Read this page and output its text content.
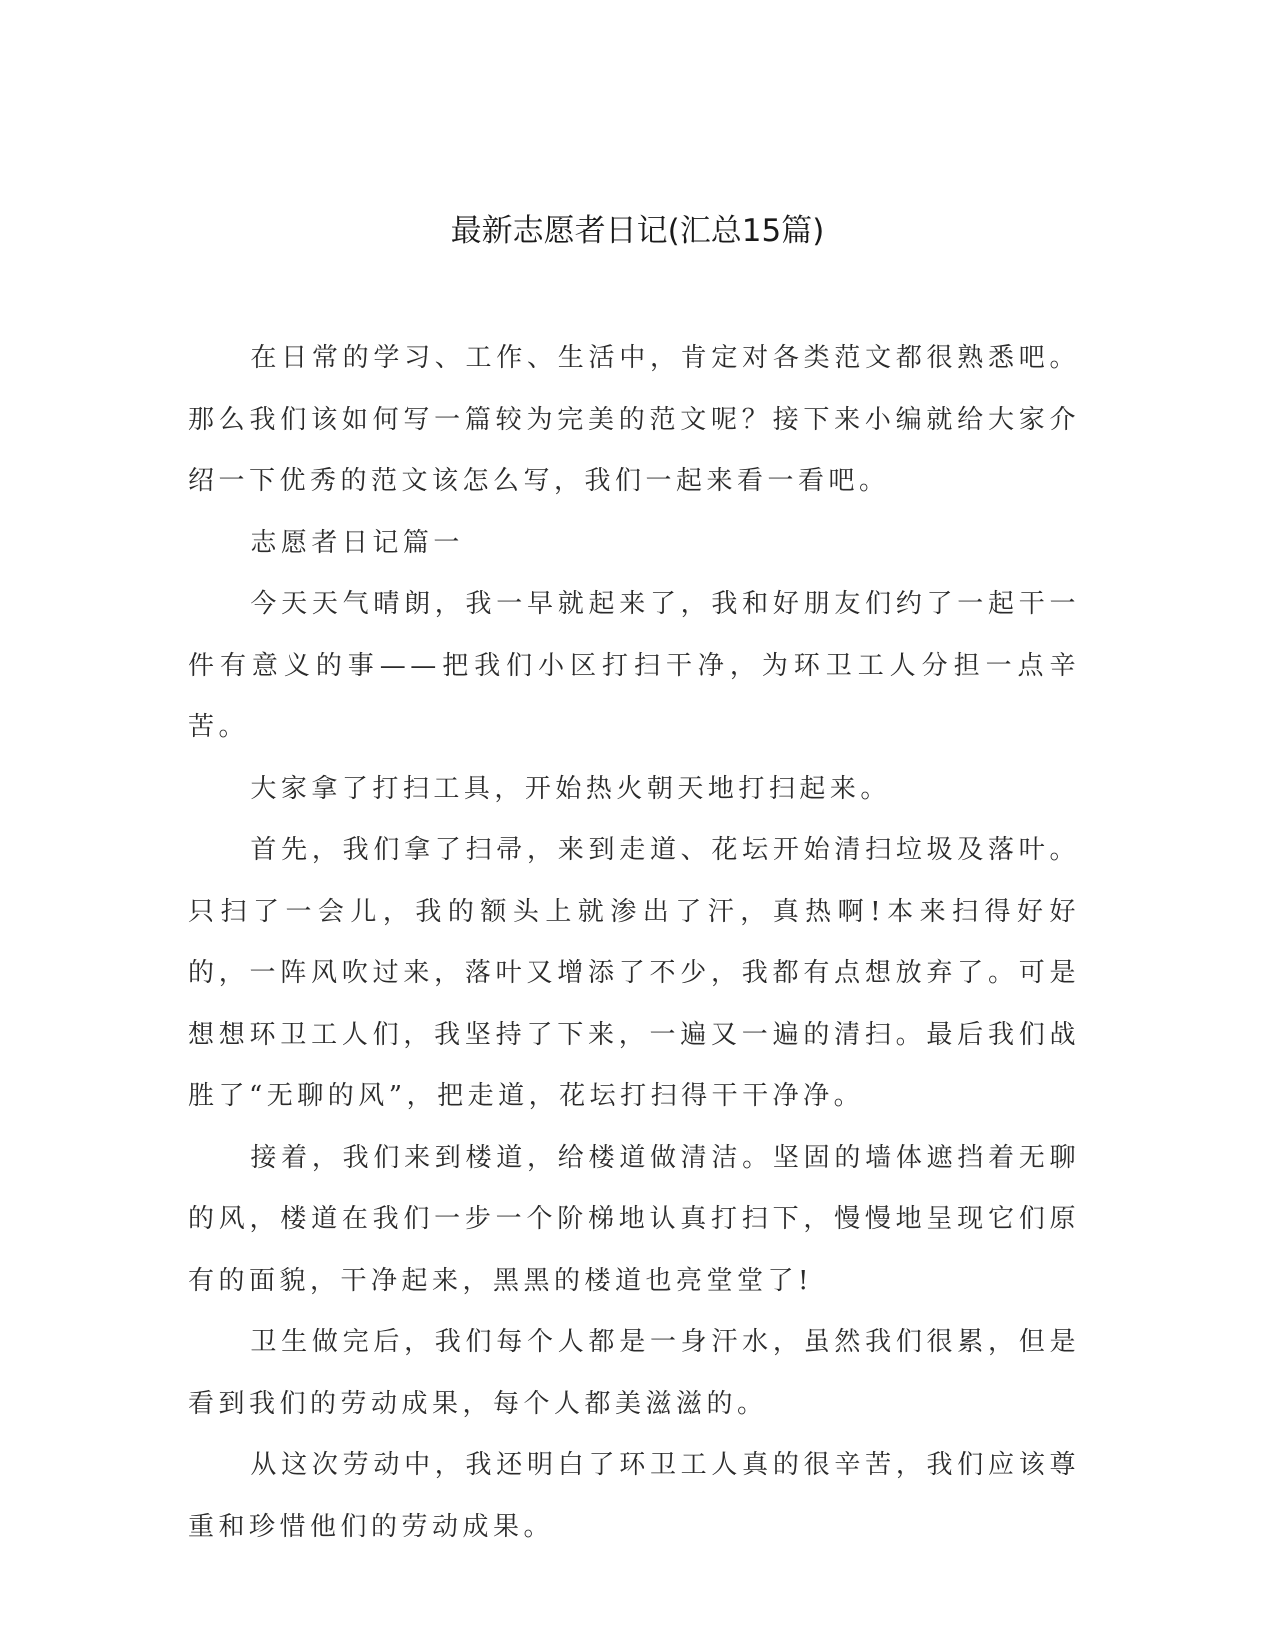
最新志愿者日记(汇总15篇)

在日常的学习、工作、生活中，肯定对各类范文都很熟悉吧。那么我们该如何写一篇较为完美的范文呢？接下来小编就给大家介绍一下优秀的范文该怎么写，我们一起来看一看吧。

志愿者日记篇一

今天天气晴朗，我一早就起来了，我和好朋友们约了一起干一件有意义的事——把我们小区打扫干净，为环卫工人分担一点辛苦。

大家拿了打扫工具，开始热火朝天地打扫起来。

首先，我们拿了扫帚，来到走道、花坛开始清扫垃圾及落叶。只扫了一会儿，我的额头上就渗出了汗，真热啊!本来扫得好好的，一阵风吹过来，落叶又增添了不少，我都有点想放弃了。可是想想环卫工人们，我坚持了下来，一遍又一遍的清扫。最后我们战胜了“无聊的风”，把走道，花坛打扫得干干净净。

接着，我们来到楼道，给楼道做清洁。坚固的墙体遮挡着无聊的风，楼道在我们一步一个阶梯地认真打扫下，慢慢地呈现它们原有的面貌，干净起来，黑黑的楼道也亮堂堂了!

卫生做完后，我们每个人都是一身汗水，虽然我们很累，但是看到我们的劳动成果，每个人都美滋滋的。

从这次劳动中，我还明白了环卫工人真的很辛苦，我们应该尊重和珍惜他们的劳动成果。
